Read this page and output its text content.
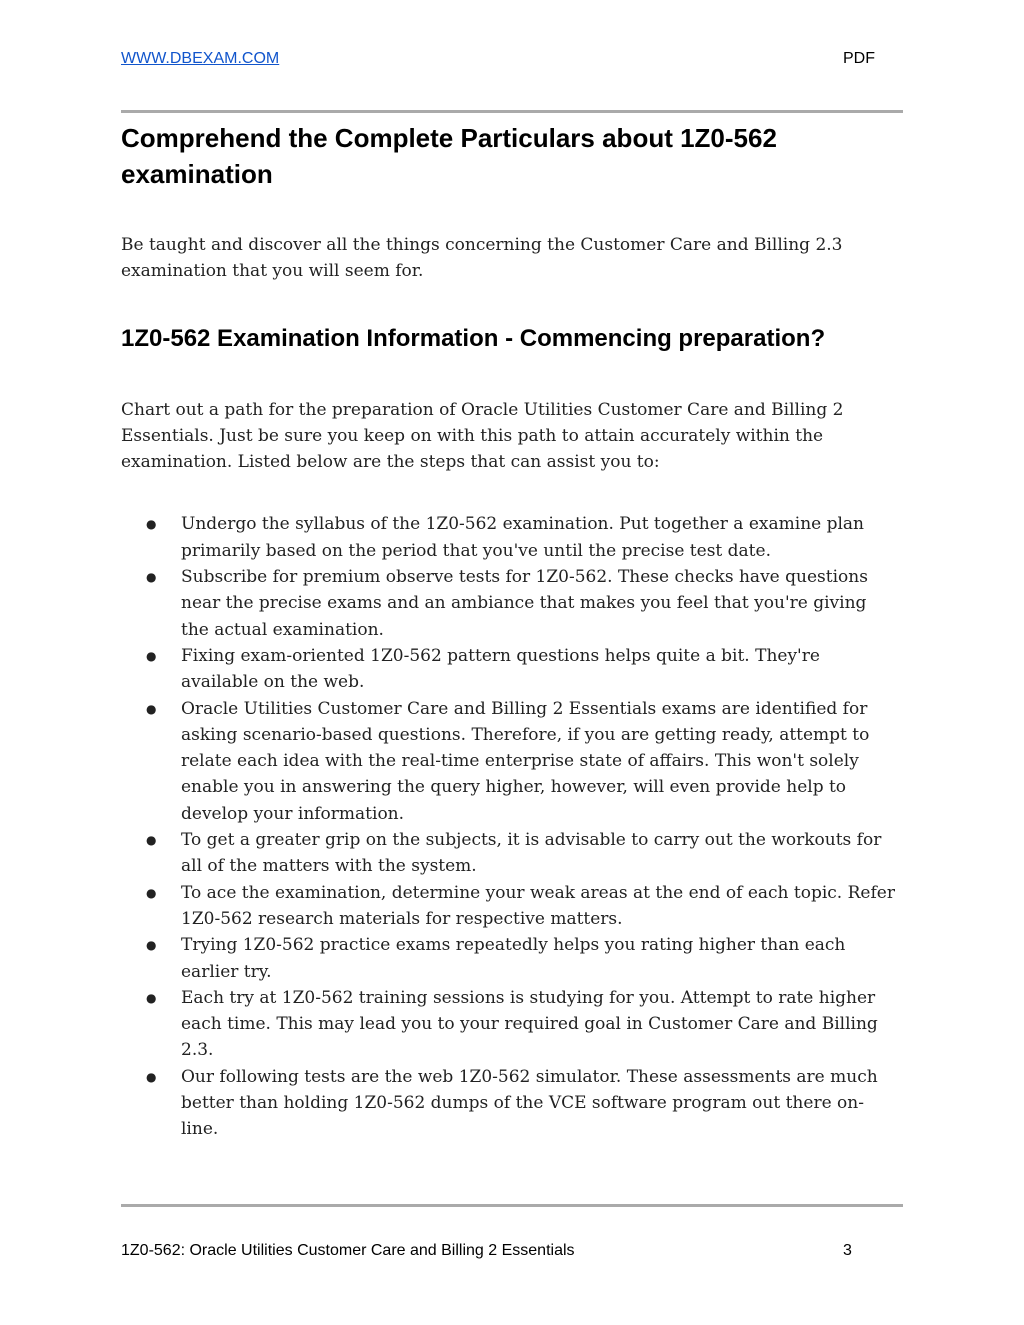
WWW.DBEXAM.COM	PDF
Comprehend the Complete Particulars about 1Z0-562 examination

Be taught and discover all the things concerning the Customer Care and Billing 2.3 examination that you will seem for.

1Z0-562 Examination Information - Commencing preparation?

Chart out a path for the preparation of Oracle Utilities Customer Care and Billing 2 Essentials. Just be sure you keep on with this path to attain accurately within the examination. Listed below are the steps that can assist you to:

● Undergo the syllabus of the 1Z0-562 examination. Put together a examine plan primarily based on the period that you've until the precise test date.
● Subscribe for premium observe tests for 1Z0-562. These checks have questions near the precise exams and an ambiance that makes you feel that you're giving the actual examination.
● Fixing exam-oriented 1Z0-562 pattern questions helps quite a bit. They're available on the web.
● Oracle Utilities Customer Care and Billing 2 Essentials exams are identified for asking scenario-based questions. Therefore, if you are getting ready, attempt to relate each idea with the real-time enterprise state of affairs. This won't solely enable you in answering the query higher, however, will even provide help to develop your information.
● To get a greater grip on the subjects, it is advisable to carry out the workouts for all of the matters with the system.
● To ace the examination, determine your weak areas at the end of each topic. Refer 1Z0-562 research materials for respective matters.
● Trying 1Z0-562 practice exams repeatedly helps you rating higher than each earlier try.
● Each try at 1Z0-562 training sessions is studying for you. Attempt to rate higher each time. This may lead you to your required goal in Customer Care and Billing 2.3.
● Our following tests are the web 1Z0-562 simulator. These assessments are much better than holding 1Z0-562 dumps of the VCE software program out there on-line.
1Z0-562: Oracle Utilities Customer Care and Billing 2 Essentials	3
